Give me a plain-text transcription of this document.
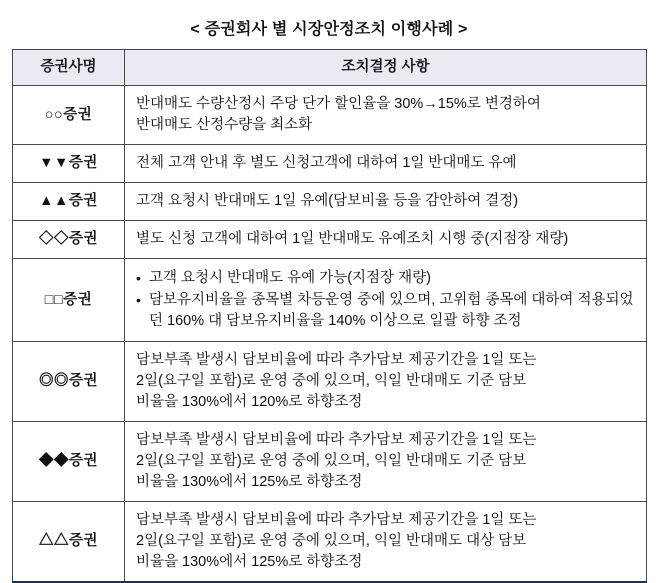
< 증권회사 별 시장안정조치 이행사례 >
증권사명	조치결정 사항
○○증권	반대매도 수량산정시 주당 단가 할인율을 30%→15%로 변경하여
반대매도 산정수량을 최소화

▼▼증권	전체 고객 안내 후 별도 신청고객에 대하여 1일 반대매도 유예

▲▲증권	고객 요청시 반대매도 1일 유예(담보비율 등을 감안하여 결정)

◇◇증권	별도 신청 고객에 대하여 1일 반대매도 유예조치 시행 중(지점장 재량)

□□증권	
• 고객 요청시 반대매도 유예 가능(지점장 재량)
• 담보유지비율을 종목별 차등운영 중에 있으며, 고위험 종목에 대하여 적용되었던 160% 대 담보유지비율을 140% 이상으로 일괄 하향 조정

◎◎증권	담보부족 발생시 담보비율에 따라 추가담보 제공기간을 1일 또는
2일(요구일 포함)로 운영 중에 있으며, 익일 반대매도 기준 담보
비율을 130%에서 120%로 하향조정

◆◆증권	담보부족 발생시 담보비율에 따라 추가담보 제공기간을 1일 또는
2일(요구일 포함)로 운영 중에 있으며, 익일 반대매도 기준 담보
비율을 130%에서 125%로 하향조정

△△증권	담보부족 발생시 담보비율에 따라 추가담보 제공기간을 1일 또는
2일(요구일 포함)로 운영 중에 있으며, 익일 반대매도 대상 담보
비율을 130%에서 125%로 하향조정
